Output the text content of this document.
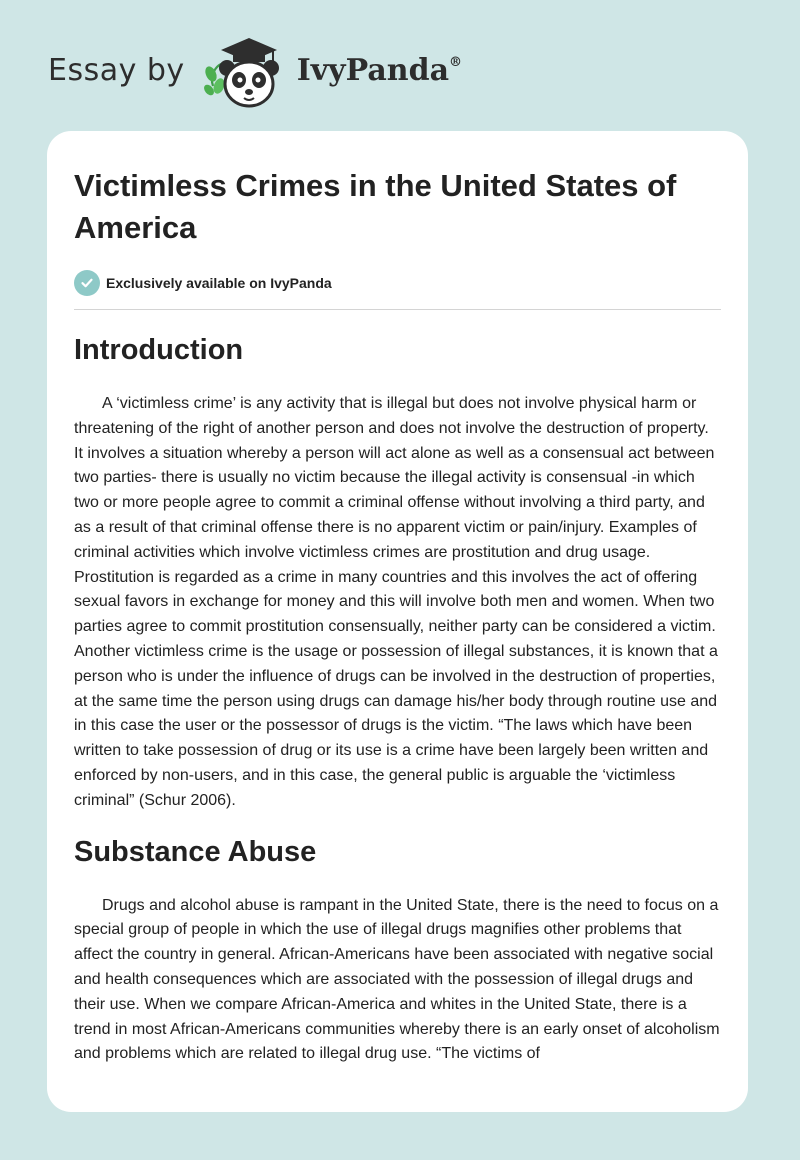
Essay by	IvyPanda®
Victimless Crimes in the United States of America
Exclusively available on IvyPanda
Introduction

A ‘victimless crime’ is any activity that is illegal but does not involve physical harm or threatening of the right of another person and does not involve the destruction of property. It involves a situation whereby a person will act alone as well as a consensual act between two parties- there is usually no victim because the illegal activity is consensual -in which two or more people agree to commit a criminal offense without involving a third party, and as a result of that criminal offense there is no apparent victim or pain/injury. Examples of criminal activities which involve victimless crimes are prostitution and drug usage. Prostitution is regarded as a crime in many countries and this involves the act of offering sexual favors in exchange for money and this will involve both men and women. When two parties agree to commit prostitution consensually, neither party can be considered a victim. Another victimless crime is the usage or possession of illegal substances, it is known that a person who is under the influence of drugs can be involved in the destruction of properties, at the same time the person using drugs can damage his/her body through routine use and in this case the user or the possessor of drugs is the victim. “The laws which have been written to take possession of drug or its use is a crime have been largely been written and enforced by non-users, and in this case, the general public is arguable the ‘victimless criminal” (Schur 2006).

Substance Abuse

Drugs and alcohol abuse is rampant in the United State, there is the need to focus on a special group of people in which the use of illegal drugs magnifies other problems that affect the country in general. African-Americans have been associated with negative social and health consequences which are associated with the possession of illegal drugs and their use. When we compare African-America and whites in the United State, there is a trend in most African-Americans communities whereby there is an early onset of alcoholism and problems which are related to illegal drug use. “The victims of
